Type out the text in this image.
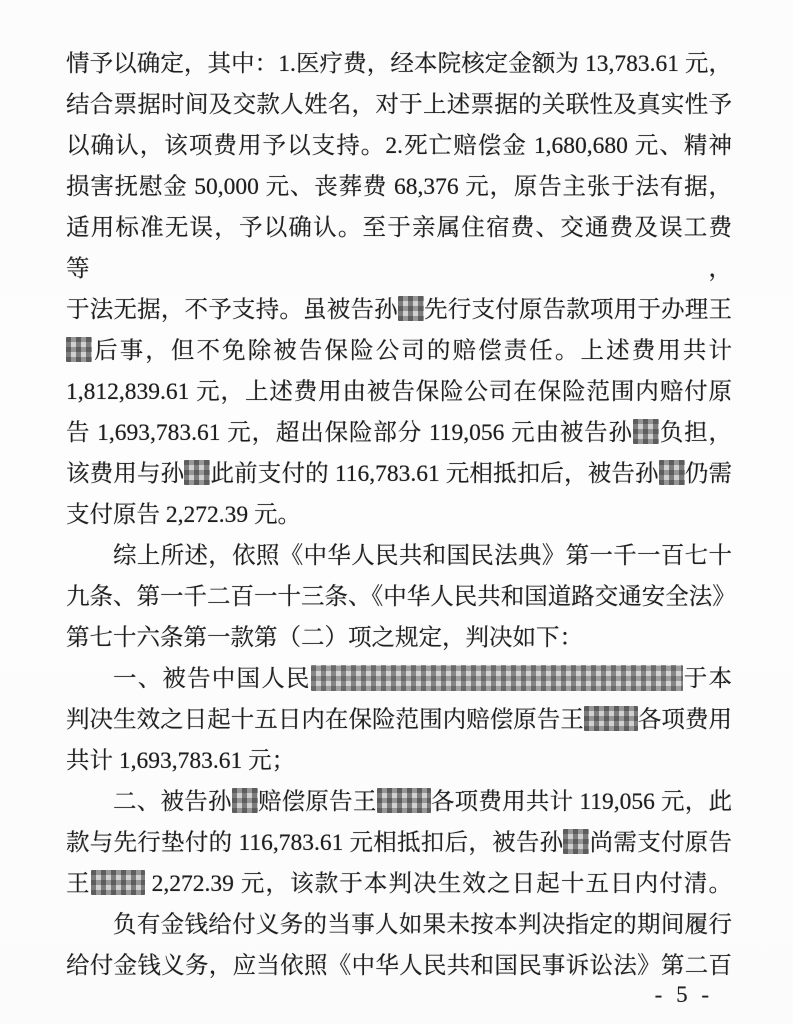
情予以确定，其中：1.医疗费，经本院核定金额为 13,783.61 元，
结合票据时间及交款人姓名，对于上述票据的关联性及真实性予
以确认，该项费用予以支持。2.死亡赔偿金 1,680,680 元、精神
损害抚慰金 50,000 元、丧葬费 68,376 元，原告主张于法有据，
适用标准无误，予以确认。至于亲属住宿费、交通费及误工费等，
于法无据，不予支持。虽被告孙 先行支付原告款项用于办理王
后事，但不免除被告保险公司的赔偿责任。上述费用共计
1,812,839.61 元，上述费用由被告保险公司在保险范围内赔付原
告 1,693,783.61 元，超出保险部分 119,056 元由被告孙 负担，
该费用与孙 此前支付的 116,783.61 元相抵扣后，被告孙 仍需
支付原告 2,272.39 元。
综上所述，依照《中华人民共和国民法典》第一千一百七十
九条、第一千二百一十三条、《中华人民共和国道路交通安全法》
第七十六条第一款第（二）项之规定，判决如下：
一、被告中国人民	于本
判决生效之日起十五日内在保险范围内赔偿原告王 各项费用
共计 1,693,783.61 元；
二、被告孙 赔偿原告王 各项费用共计 119,056 元，此
款与先行垫付的 116,783.61 元相抵扣后，被告孙 尚需支付原告
王 2,272.39 元，该款于本判决生效之日起十五日内付清。
负有金钱给付义务的当事人如果未按本判决指定的期间履行
给付金钱义务，应当依照《中华人民共和国民事诉讼法》第二百
- 5 -
